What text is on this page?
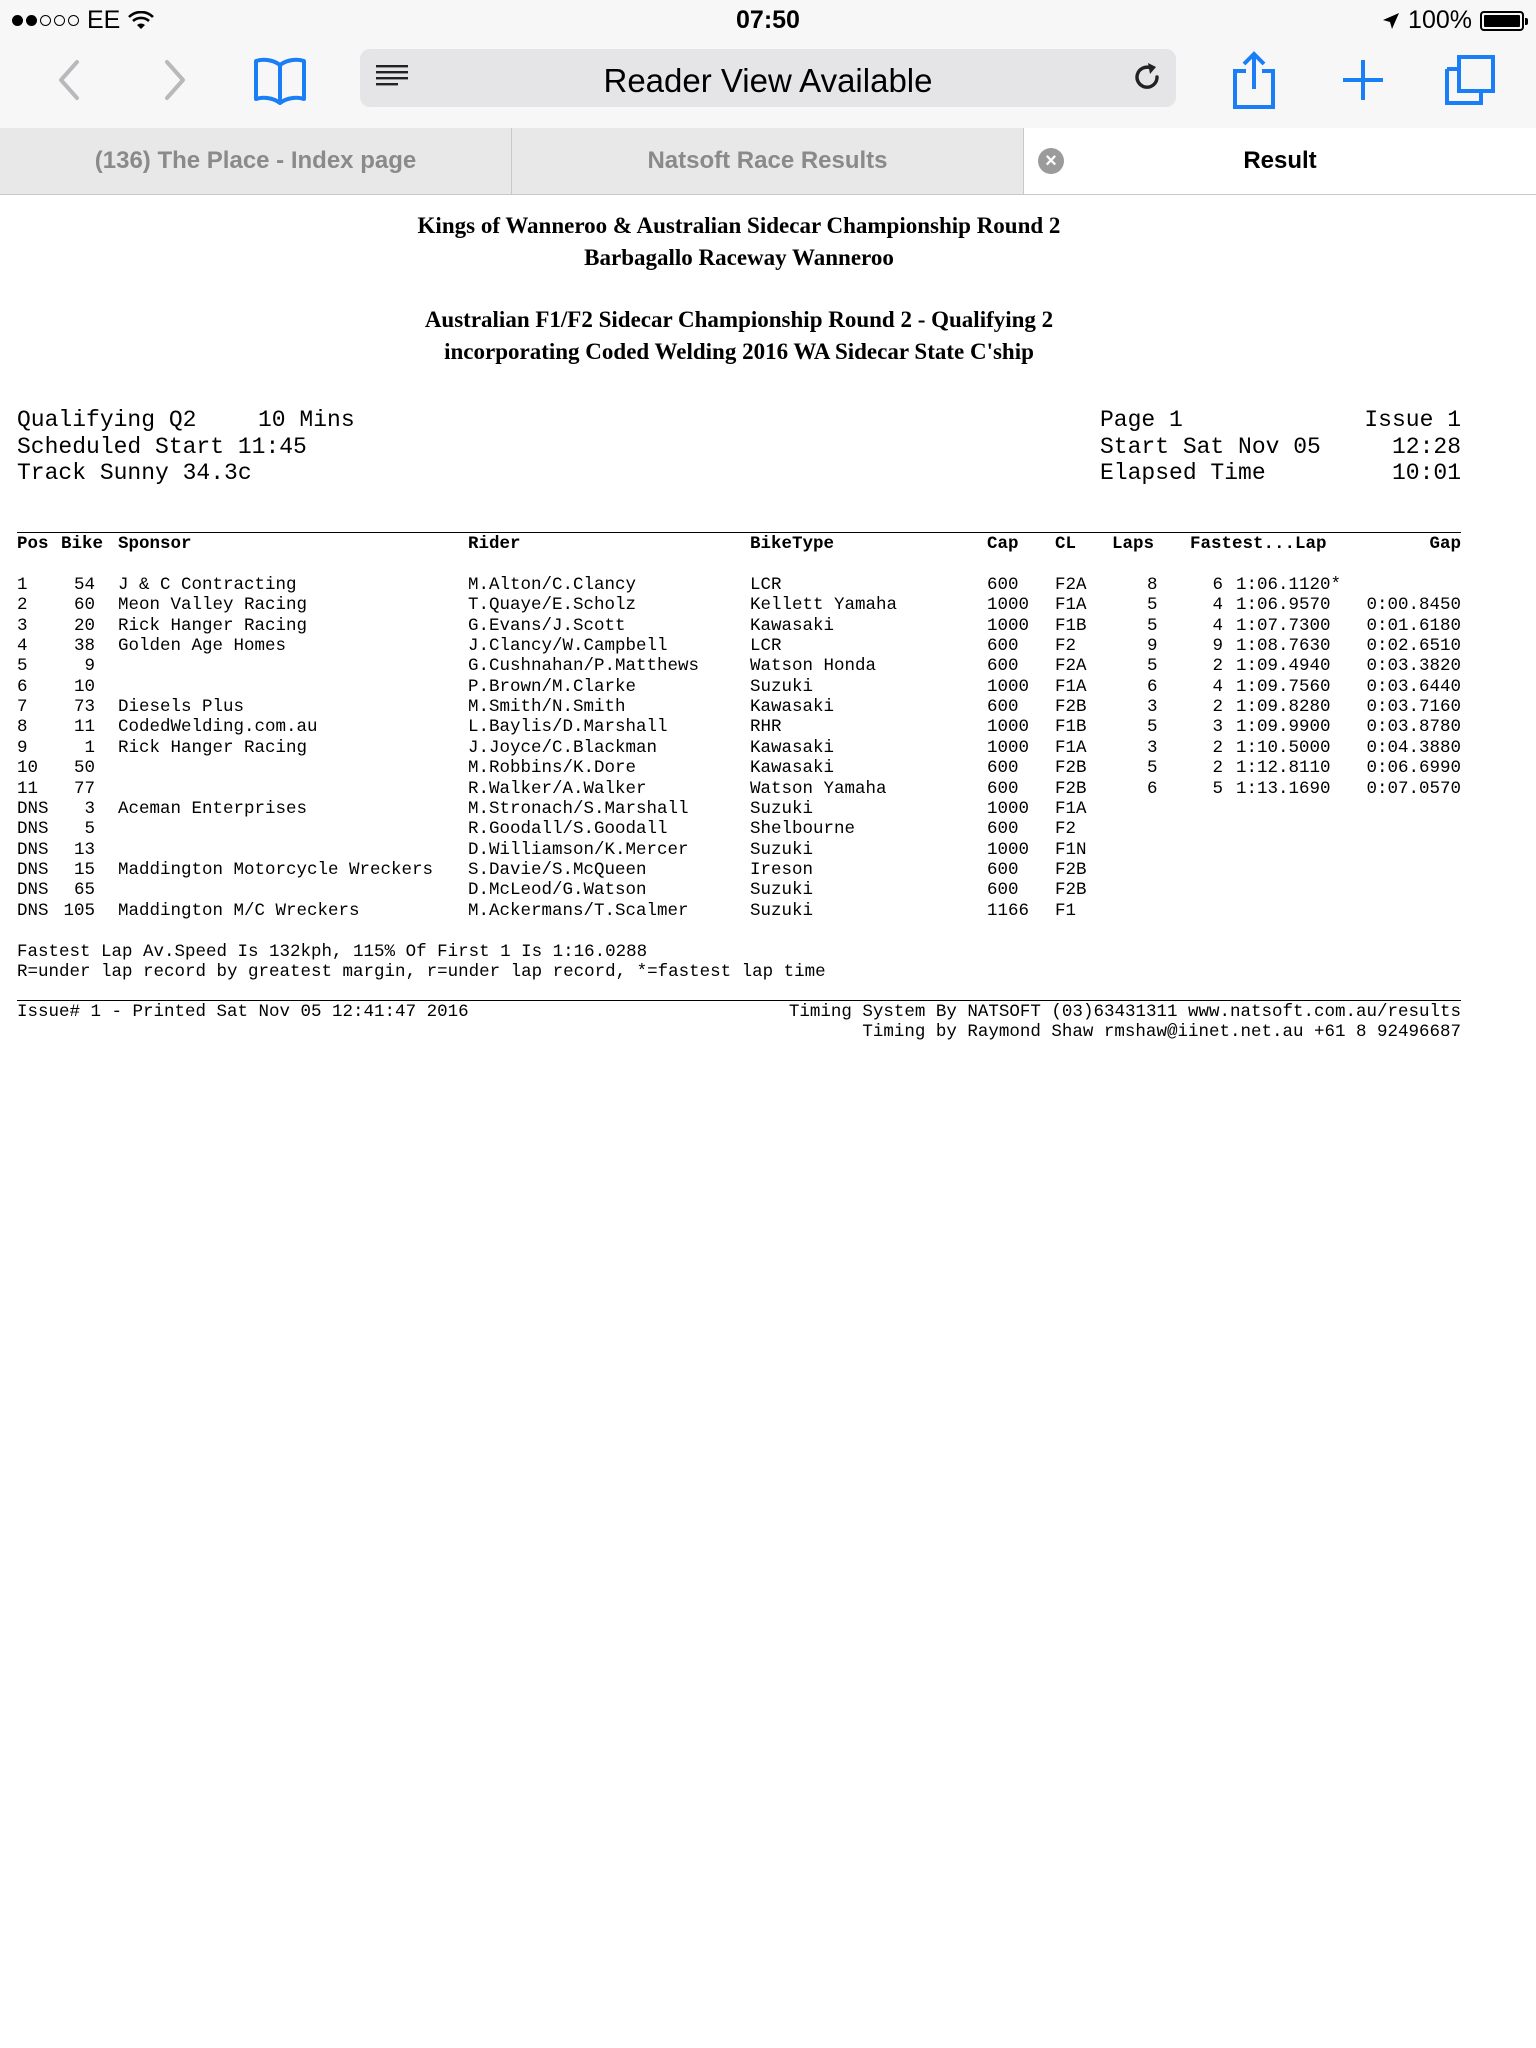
EE	07:50	100%
Reader View Available
(136) The Place - Index page	Natsoft Race Results	×	Result
Kings of Wanneroo & Australian Sidecar Championship Round 2
Barbagallo Raceway Wanneroo
Australian F1/F2 Sidecar Championship Round 2 - Qualifying 2
incorporating Coded Welding 2016 WA Sidecar State C'ship
Qualifying Q2	10 Mins
Scheduled Start 11:45
Track Sunny 34.3c
Page 1	Issue 1
Start Sat Nov 05	12:28
Elapsed Time	10:01
Pos Bike Sponsor	Rider	BikeType	Cap CL Laps Fastest...Lap	Gap
1	54 J & C Contracting	M.Alton/C.Clancy	LCR	600 F2A	8	6 1:06.1120*
2	60 Meon Valley Racing	T.Quaye/E.Scholz	Kellett Yamaha	1000 F1A	5	4 1:06.9570 0:00.8450
3	20 Rick Hanger Racing	G.Evans/J.Scott	Kawasaki	1000 F1B	5	4 1:07.7300 0:01.6180
4	38 Golden Age Homes	J.Clancy/W.Campbell	LCR	600 F2	9	9 1:08.7630 0:02.6510
5	9	G.Cushnahan/P.Matthews	Watson Honda	600 F2A	5	2 1:09.4940 0:03.3820
6	10	P.Brown/M.Clarke	Suzuki	1000 F1A	6	4 1:09.7560 0:03.6440
7	73 Diesels Plus	M.Smith/N.Smith	Kawasaki	600 F2B	3	2 1:09.8280 0:03.7160
8	11 CodedWelding.com.au	L.Baylis/D.Marshall	RHR	1000 F1B	5	3 1:09.9900 0:03.8780
9	1 Rick Hanger Racing	J.Joyce/C.Blackman	Kawasaki	1000 F1A	3	2 1:10.5000 0:04.3880
10 50	M.Robbins/K.Dore	Kawasaki	600 F2B	5	2 1:12.8110 0:06.6990
11 77	R.Walker/A.Walker	Watson Yamaha	600 F2B	6	5 1:13.1690 0:07.0570
DNS 3 Aceman Enterprises	M.Stronach/S.Marshall	Suzuki	1000 F1A
DNS 5	R.Goodall/S.Goodall	Shelbourne	600 F2
DNS 13	D.Williamson/K.Mercer	Suzuki	1000 F1N
DNS 15 Maddington Motorcycle Wreckers S.Davie/S.McQueen	Ireson	600 F2B
DNS 65	D.McLeod/G.Watson	Suzuki	600 F2B
DNS 105 Maddington M/C Wreckers	M.Ackermans/T.Scalmer	Suzuki	1166 F1
Fastest Lap Av.Speed Is 132kph, 115% Of First 1 Is 1:16.0288
R=under lap record by greatest margin, r=under lap record, *=fastest lap time
Issue# 1 - Printed Sat Nov 05 12:41:47 2016	Timing System By NATSOFT (03)63431311 www.natsoft.com.au/results
Timing by Raymond Shaw rmshaw@iinet.net.au +61 8 92496687
